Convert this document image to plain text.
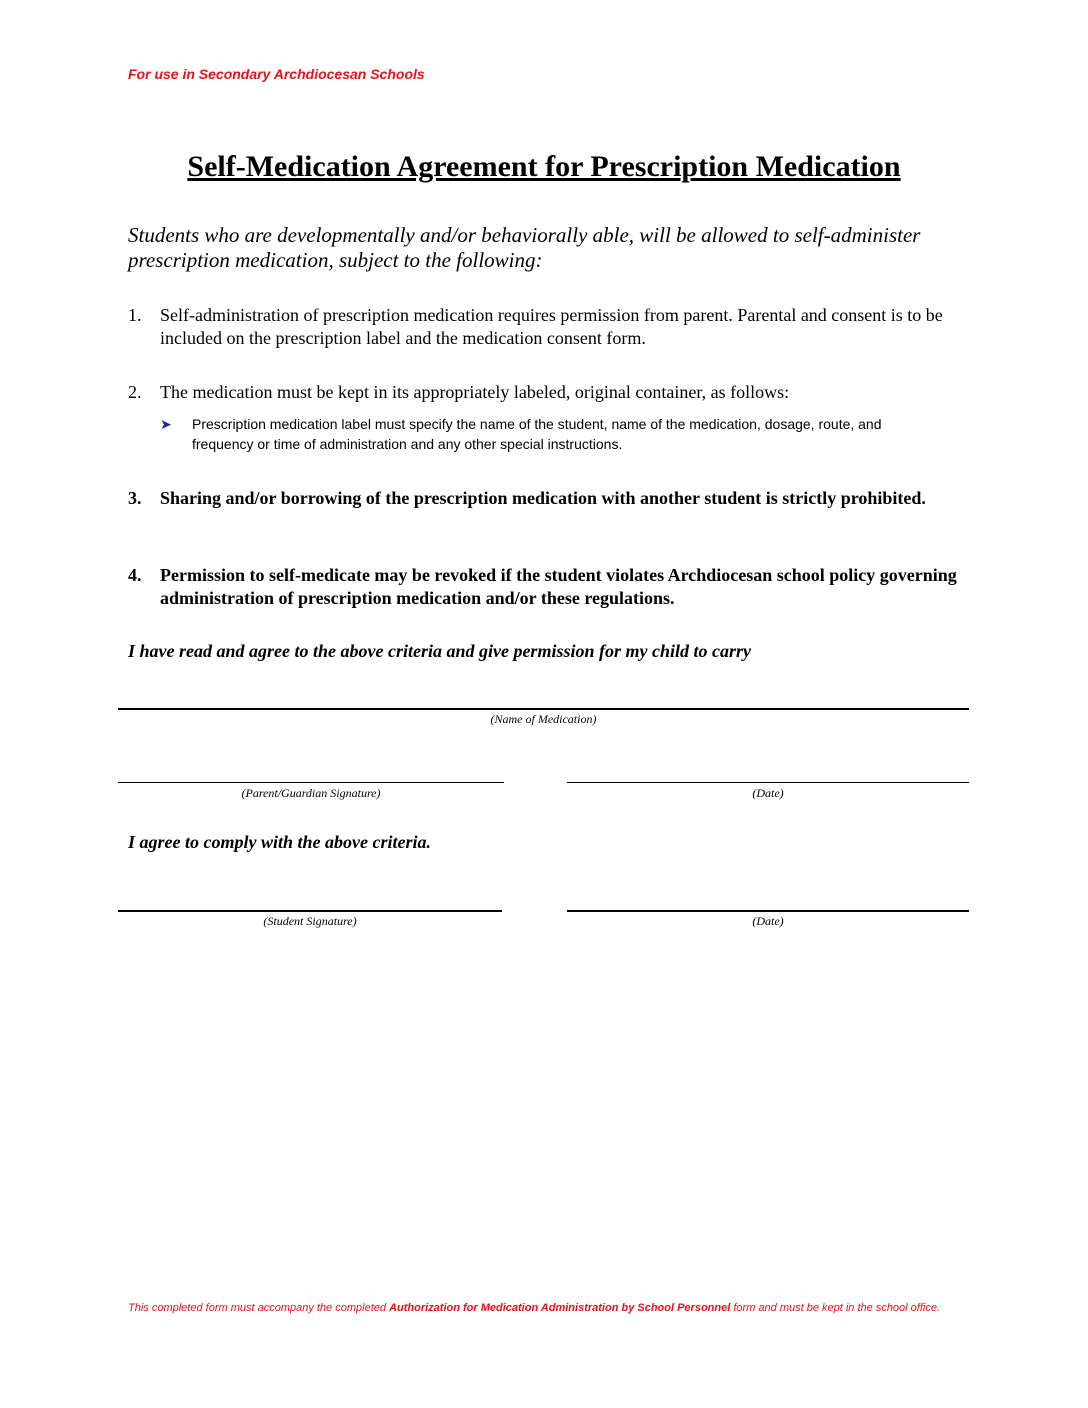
For use in Secondary Archdiocesan Schools
Self-Medication Agreement for Prescription Medication
Students who are developmentally and/or behaviorally able, will be allowed to self-administer prescription medication, subject to the following:
1.	Self-administration of prescription medication requires permission from parent. Parental and consent is to be included on the prescription label and the medication consent form.
2.	The medication must be kept in its appropriately labeled, original container, as follows:
➤	Prescription medication label must specify the name of the student, name of the medication, dosage, route, and frequency or time of administration and any other special instructions.
3.	Sharing and/or borrowing of the prescription medication with another student is strictly prohibited.
4.	Permission to self-medicate may be revoked if the student violates Archdiocesan school policy governing administration of prescription medication and/or these regulations.
I have read and agree to the above criteria and give permission for my child to carry
(Name of Medication)
(Parent/Guardian Signature)	(Date)
I agree to comply with the above criteria.
(Student Signature)	(Date)
This completed form must accompany the completed Authorization for Medication Administration by School Personnel form and must be kept in the school office.
